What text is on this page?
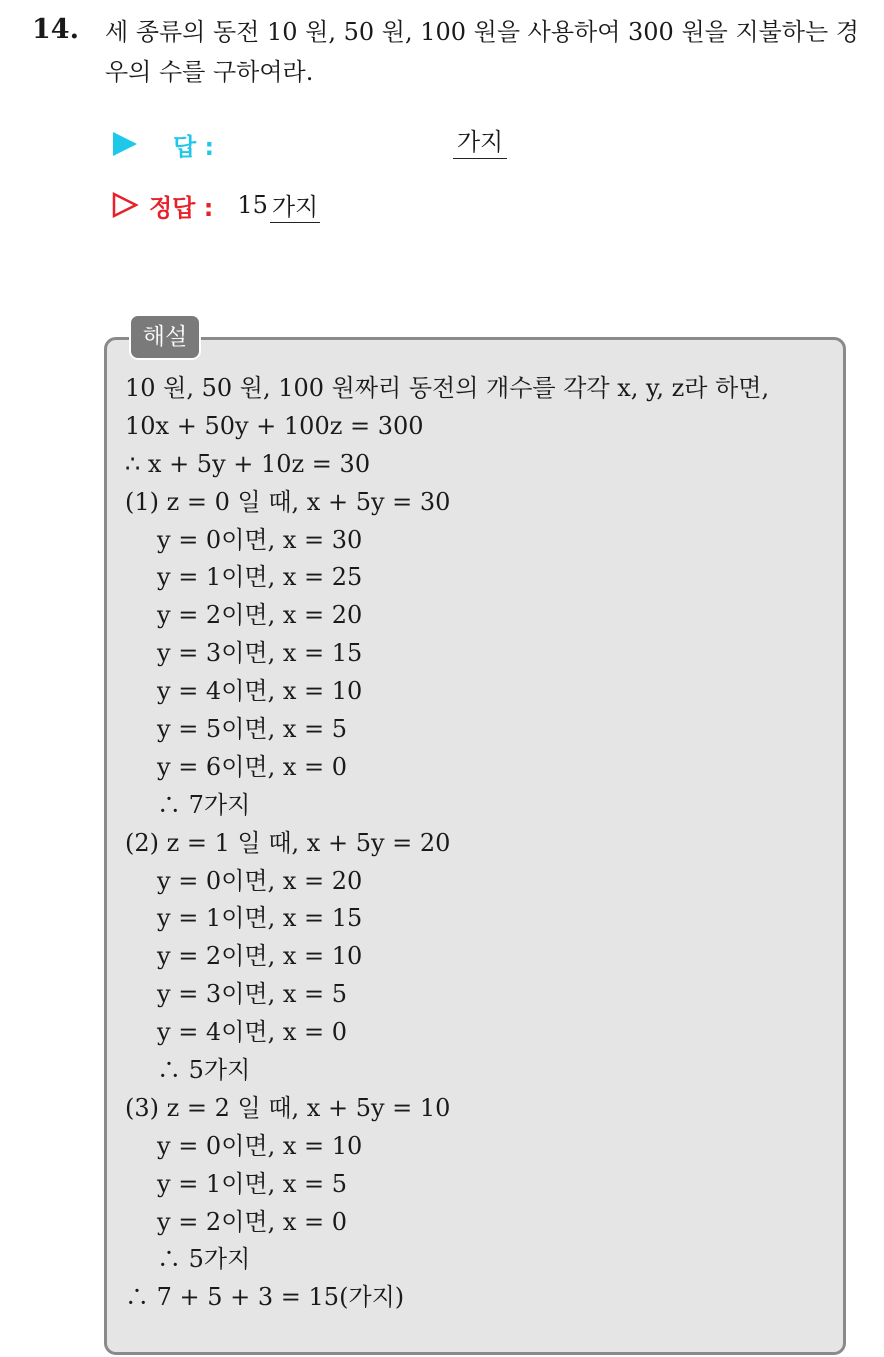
14. 세 종류의 동전 10 원, 50 원, 100 원을 사용하여 300 원을 지불하는 경우의 수를 구하여라.
답 :	가지
정답 : 15 가지
해설
10 원, 50 원, 100 원짜리 동전의 개수를 각각 x, y, z라 하면,
10x + 50y + 100z = 300
∴ x + 5y + 10z = 30
(1) z = 0 일 때, x + 5y = 30
y = 0이면, x = 30
y = 1이면, x = 25
y = 2이면, x = 20
y = 3이면, x = 15
y = 4이면, x = 10
y = 5이면, x = 5
y = 6이면, x = 0
∴ 7가지
(2) z = 1 일 때, x + 5y = 20
y = 0이면, x = 20
y = 1이면, x = 15
y = 2이면, x = 10
y = 3이면, x = 5
y = 4이면, x = 0
∴ 5가지
(3) z = 2 일 때, x + 5y = 10
y = 0이면, x = 10
y = 1이면, x = 5
y = 2이면, x = 0
∴ 5가지
∴ 7 + 5 + 3 = 15(가지)
